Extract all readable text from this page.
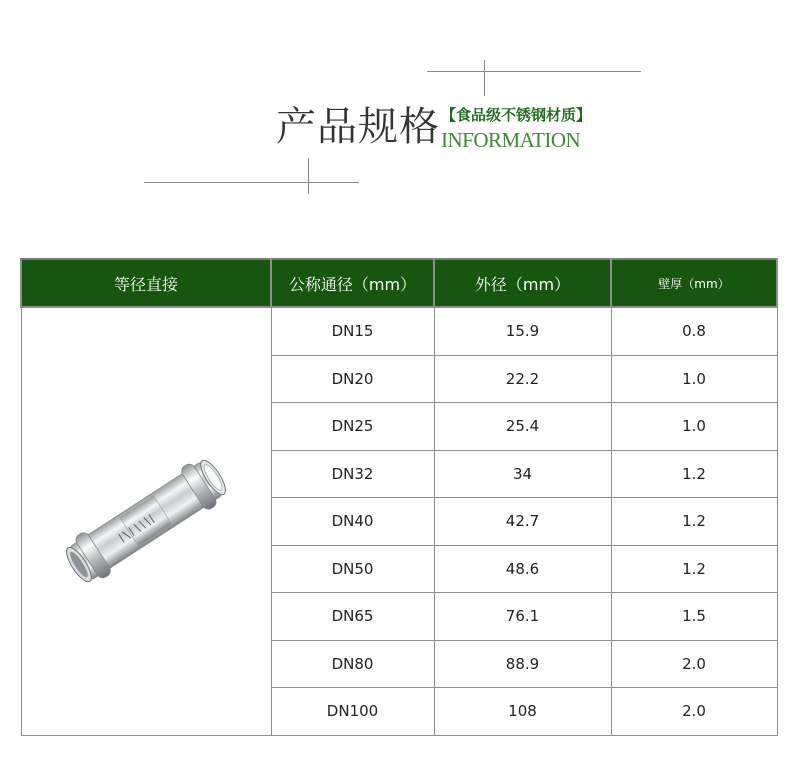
产品规格 【食品级不锈钢材质】
INFORMATION
等径直接	公称通径（mm）	外径（mm）	壁厚（mm）

	DN15	15.9	0.8
	DN20	22.2	1.0
	DN25	25.4	1.0
	DN32	34	1.2
	DN40	42.7	1.2
	DN50	48.6	1.2
	DN65	76.1	1.5
	DN80	88.9	2.0
	DN100	108	2.0
